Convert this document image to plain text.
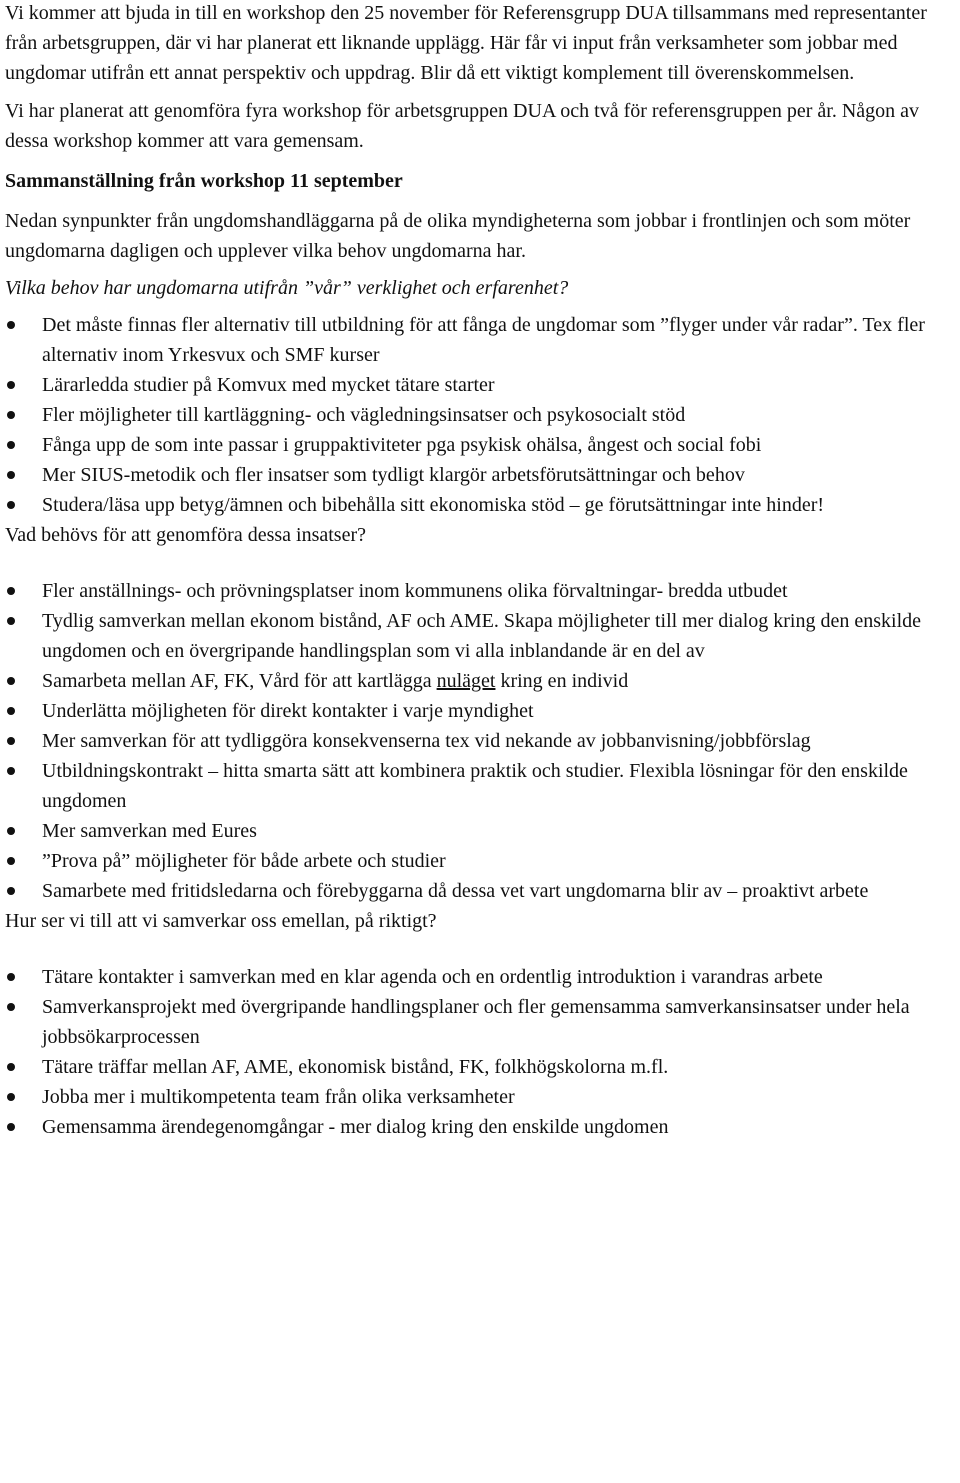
Vi kommer att bjuda in till en workshop den 25 november för Referensgrupp DUA tillsammans med representanter från arbetsgruppen, där vi har planerat ett liknande upplägg. Här får vi input från verksamheter som jobbar med ungdomar utifrån ett annat perspektiv och uppdrag. Blir då ett viktigt komplement till överenskommelsen.

Vi har planerat att genomföra fyra workshop för arbetsgruppen DUA och två för referensgruppen per år. Någon av dessa workshop kommer att vara gemensam.

Sammanställning från workshop 11 september

Nedan synpunkter från ungdomshandläggarna på de olika myndigheterna som jobbar i frontlinjen och som möter ungdomarna dagligen och upplever vilka behov ungdomarna har.

Vilka behov har ungdomarna utifrån ”vår” verklighet och erfarenhet?

Det måste finnas fler alternativ till utbildning för att fånga de ungdomar som ”flyger under vår radar”. Tex fler alternativ inom Yrkesvux och SMF kurser
Lärarledda studier på Komvux med mycket tätare starter
Fler möjligheter till kartläggning- och vägledningsinsatser och psykosocialt stöd
Fånga upp de som inte passar i gruppaktiviteter pga psykisk ohälsa, ångest och social fobi
Mer SIUS-metodik och fler insatser som tydligt klargör arbetsförutsättningar och behov
Studera/läsa upp betyg/ämnen och bibehålla sitt ekonomiska stöd – ge förutsättningar inte hinder!

Vad behövs för att genomföra dessa insatser?

Fler anställnings- och prövningsplatser inom kommunens olika förvaltningar- bredda utbudet
Tydlig samverkan mellan ekonom bistånd, AF och AME. Skapa möjligheter till mer dialog kring den enskilde ungdomen och en övergripande handlingsplan som vi alla inblandande är en del av
Samarbeta mellan AF, FK, Vård för att kartlägga nuläget kring en individ
Underlätta möjligheten för direkt kontakter i varje myndighet
Mer samverkan för att tydliggöra konsekvenserna tex vid nekande av jobbanvisning/jobbförslag
Utbildningskontrakt – hitta smarta sätt att kombinera praktik och studier. Flexibla lösningar för den enskilde ungdomen
Mer samverkan med Eures
”Prova på” möjligheter för både arbete och studier
Samarbete med fritidsledarna och förebyggarna då dessa vet vart ungdomarna blir av – proaktivt arbete

Hur ser vi till att vi samverkar oss emellan, på riktigt?

Tätare kontakter i samverkan med en klar agenda och en ordentlig introduktion i varandras arbete
Samverkansprojekt med övergripande handlingsplaner och fler gemensamma samverkansinsatser under hela jobbsökarprocessen
Tätare träffar mellan AF, AME, ekonomisk bistånd, FK, folkhögskolorna m.fl.
Jobba mer i multikompetenta team från olika verksamheter
Gemensamma ärendegenomgångar - mer dialog kring den enskilde ungdomen
